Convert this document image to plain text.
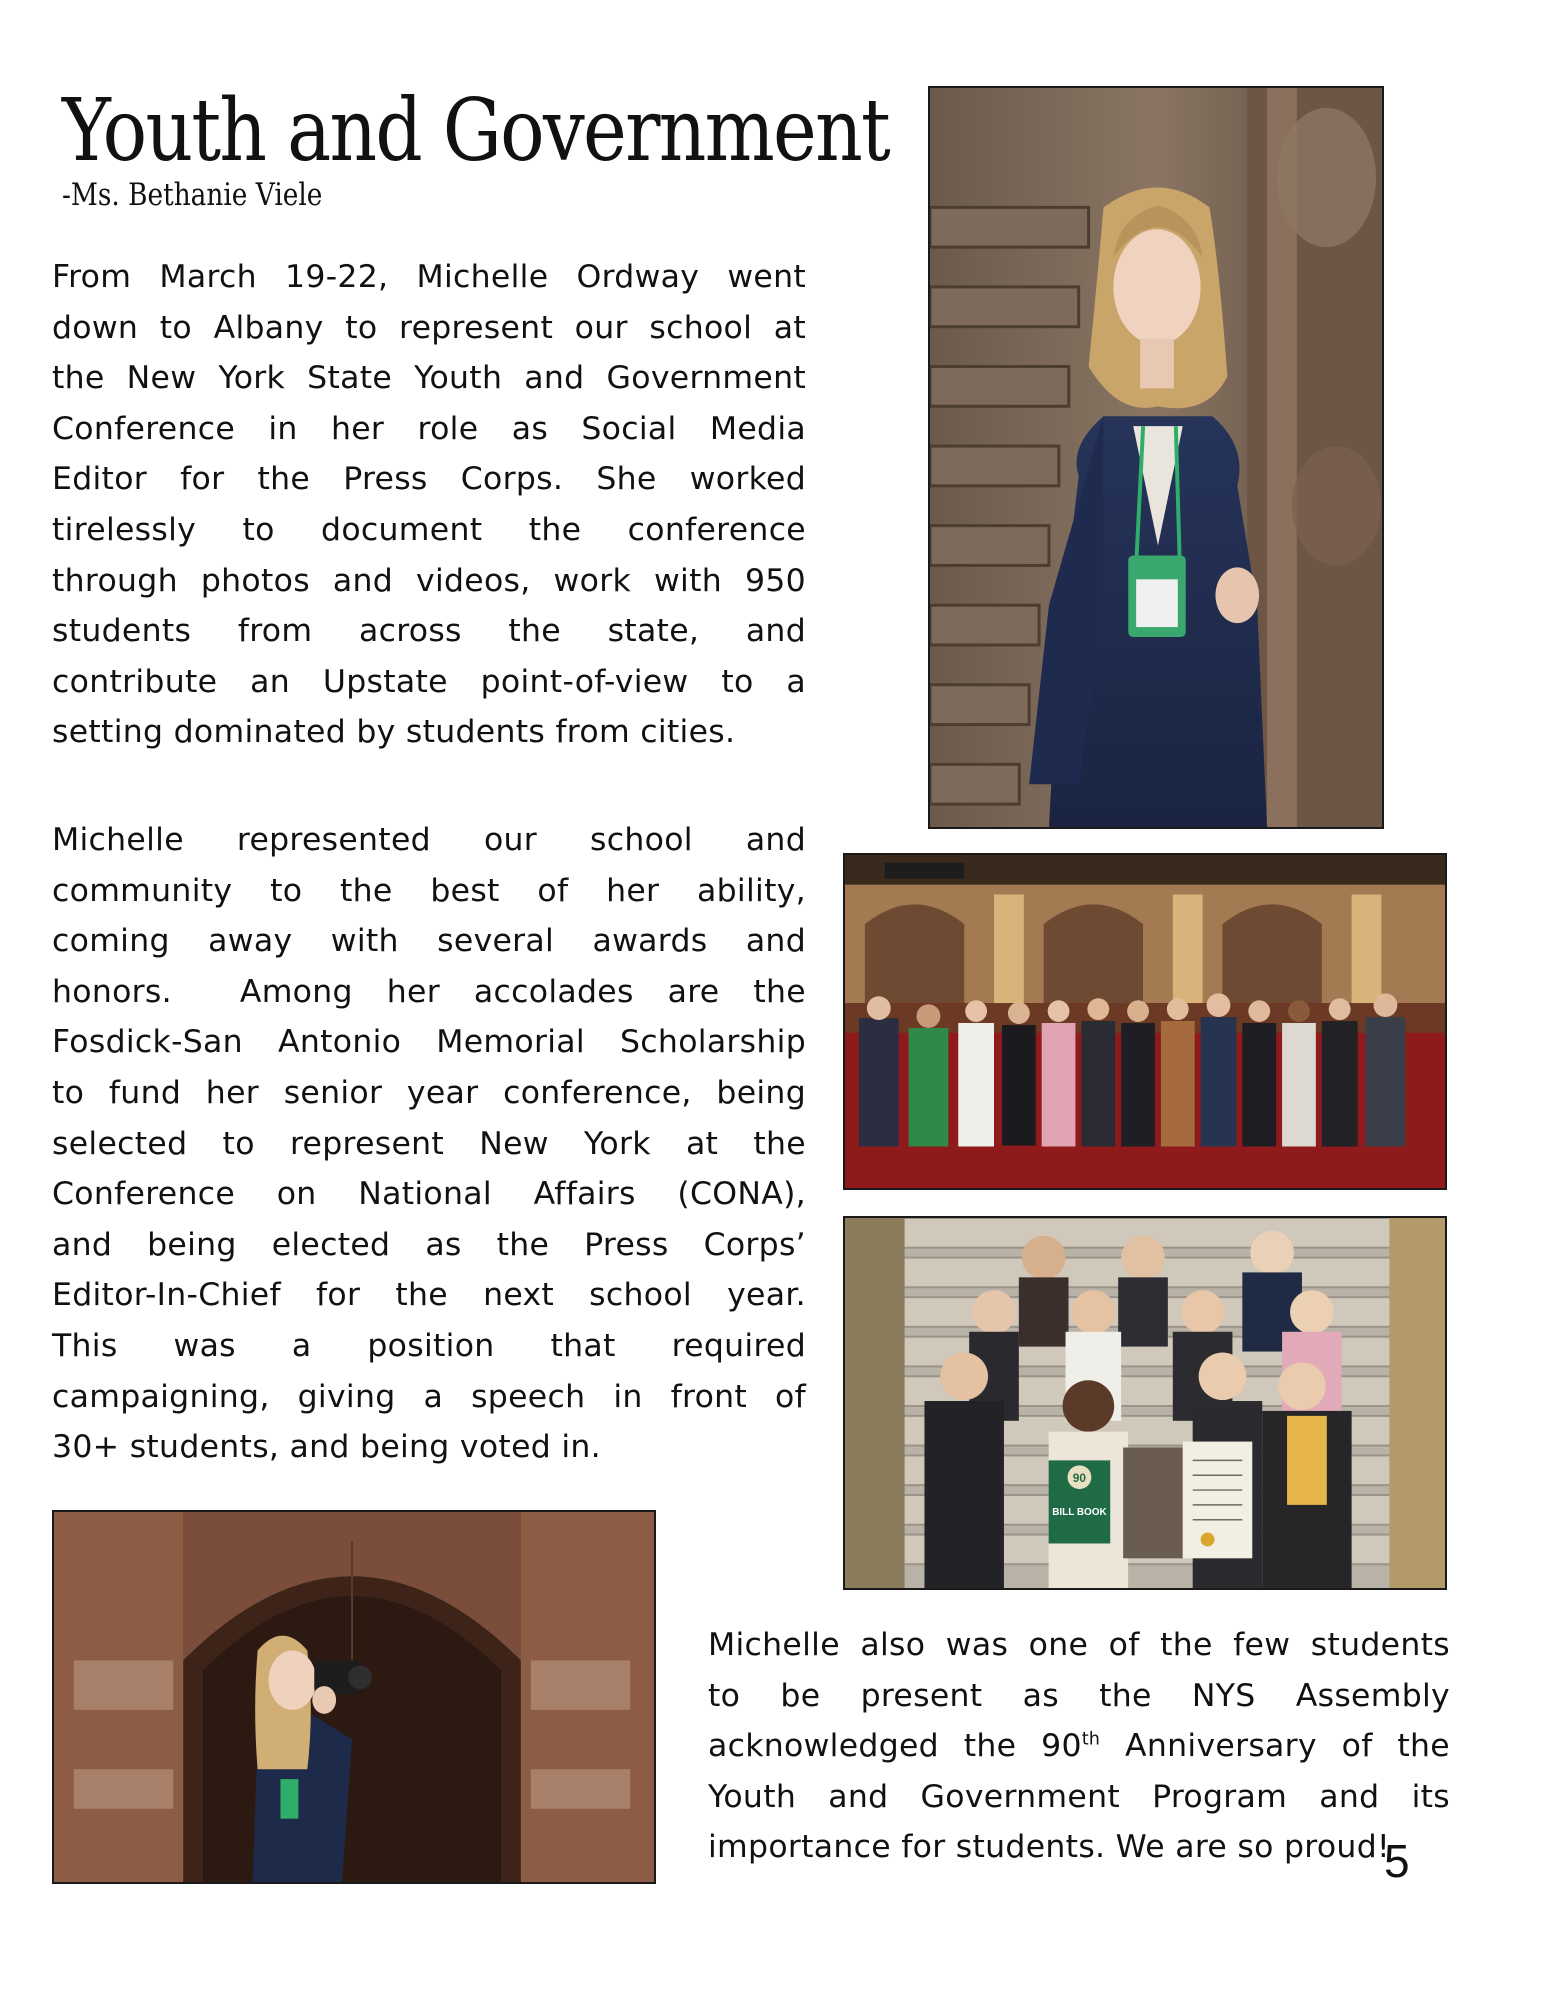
Youth and Government
-Ms. Bethanie Viele

From March 19-22, Michelle Ordway went
down to Albany to represent our school at
the New York State Youth and Government
Conference in her role as Social Media
Editor for the Press Corps. She worked
tirelessly to document the conference
through photos and videos, work with 950
students from across the state, and
contribute an Upstate point-of-view to a
setting dominated by students from cities.

Michelle represented our school and
community to the best of her ability,
coming away with several awards and
honors.  Among her accolades are the
Fosdick-San Antonio Memorial Scholarship
to fund her senior year conference, being
selected to represent New York at the
Conference on National Affairs (CONA),
and being elected as the Press Corps’
Editor-In-Chief for the next school year.
This was a position that required
campaigning, giving a speech in front of
30+ students, and being voted in.

90
BILL BOOK

Michelle also was one of the few students
to be present as the NYS Assembly
acknowledged the 90th Anniversary of the
Youth and Government Program and its
importance for students. We are so proud!

5
